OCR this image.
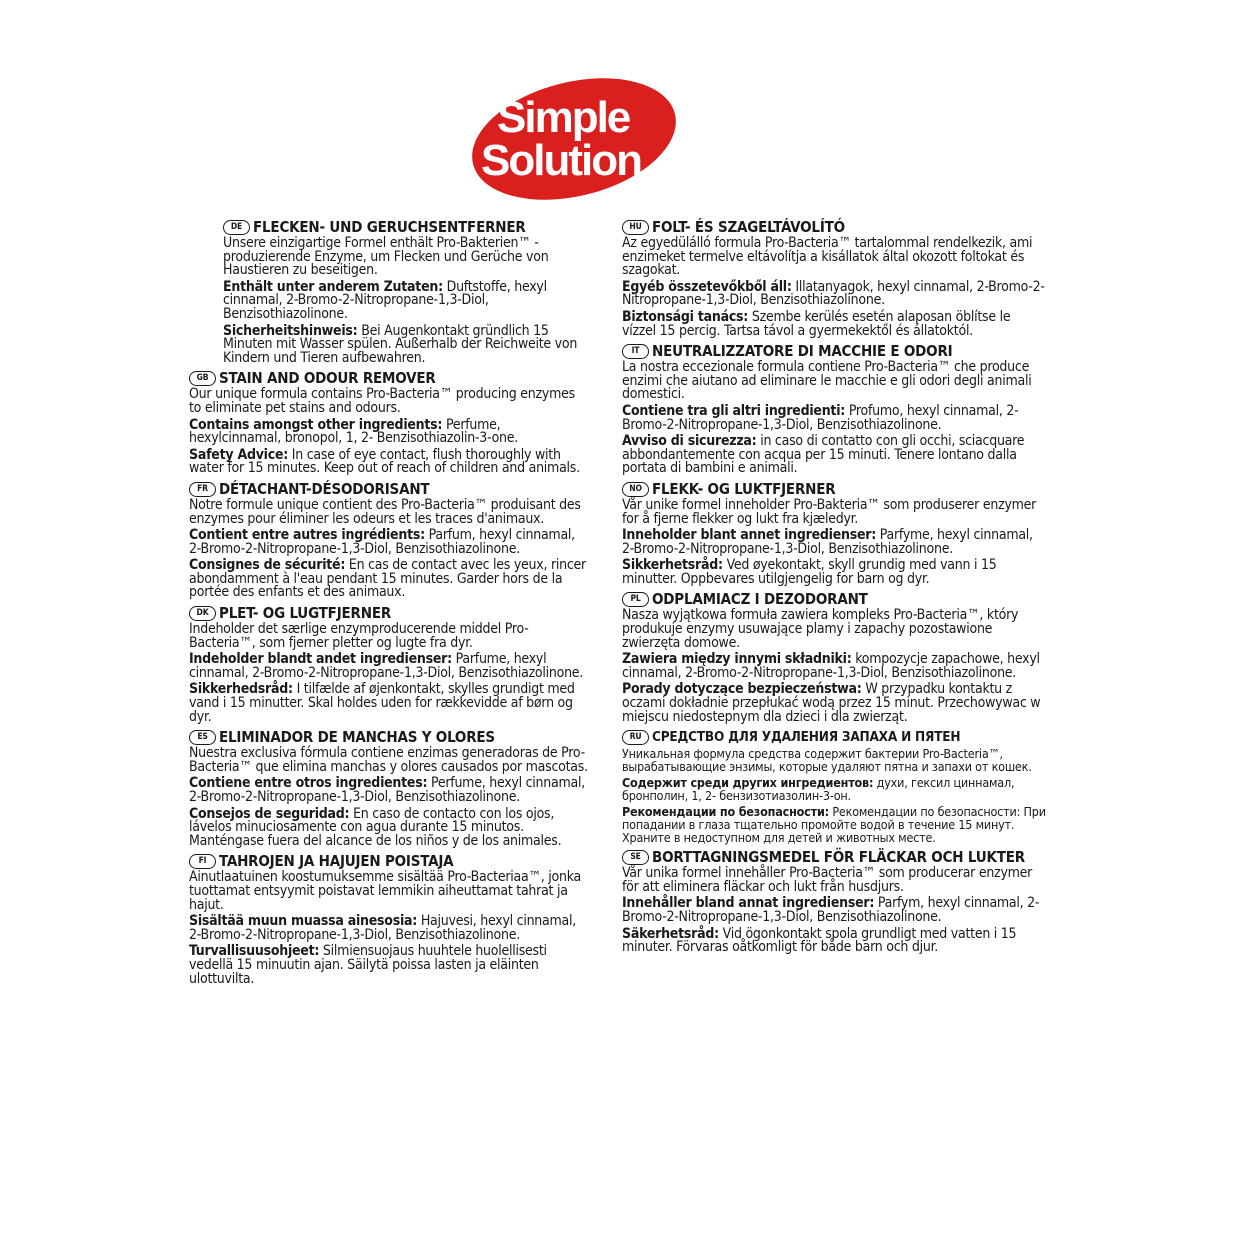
Simple
Solution
DE FLECKEN- UND GERUCHSENTFERNER

Unsere einzigartige Formel enthält Pro-Bakterien™ -produzierende Enzyme, um Flecken und Gerüche von Haustieren zu beseitigen.

Enthält unter anderem Zutaten: Duftstoffe, hexyl cinnamal, 2-Bromo-2-Nitropropane-1,3-Diol, Benzisothiazolinone.

Sicherheitshinweis: Bei Augenkontakt gründlich 15 Minuten mit Wasser spülen. Außerhalb der Reichweite von Kindern und Tieren aufbewahren.

GB STAIN AND ODOUR REMOVER

Our unique formula contains Pro-Bacteria™ producing enzymes to eliminate pet stains and odours.

Contains amongst other ingredients: Perfume, hexylcinnamal, bronopol, 1, 2- Benzisothiazolin-3-one.

Safety Advice: In case of eye contact, flush thoroughly with water for 15 minutes. Keep out of reach of children and animals.

FR DÉTACHANT-DÉSODORISANT

Notre formule unique contient des Pro-Bacteria™ produisant des enzymes pour éliminer les odeurs et les traces d'animaux.

Contient entre autres ingrédients: Parfum, hexyl cinnamal, 2-Bromo-2-Nitropropane-1,3-Diol, Benzisothiazolinone.

Consignes de sécurité: En cas de contact avec les yeux, rincer abondamment à l'eau pendant 15 minutes. Garder hors de la portée des enfants et des animaux.

DK PLET- OG LUGTFJERNER

Indeholder det særlige enzymproducerende middel Pro-Bacteria™, som fjerner pletter og lugte fra dyr.

Indeholder blandt andet ingredienser: Parfume, hexyl cinnamal, 2-Bromo-2-Nitropropane-1,3-Diol, Benzisothiazolinone.

Sikkerhedsråd: I tilfælde af øjenkontakt, skylles grundigt med vand i 15 minutter. Skal holdes uden for rækkevidde af børn og dyr.

ES ELIMINADOR DE MANCHAS Y OLORES

Nuestra exclusiva fórmula contiene enzimas generadoras de Pro-Bacteria™ que elimina manchas y olores causados por mascotas.

Contiene entre otros ingredientes: Perfume, hexyl cinnamal, 2-Bromo-2-Nitropropane-1,3-Diol, Benzisothiazolinone.

Consejos de seguridad: En caso de contacto con los ojos, lávelos minuciosamente con agua durante 15 minutos. Manténgase fuera del alcance de los niños y de los animales.

FI TAHROJEN JA HAJUJEN POISTAJA

Ainutlaatuinen koostumuksemme sisältää Pro-Bacteriaa™, jonka tuottamat entsyymit poistavat lemmikin aiheuttamat tahrat ja hajut.

Sisältää muun muassa ainesosia: Hajuvesi, hexyl cinnamal, 2-Bromo-2-Nitropropane-1,3-Diol, Benzisothiazolinone.

Turvallisuusohjeet: Silmiensuojaus huuhtele huolellisesti vedellä 15 minuutin ajan. Säilytä poissa lasten ja eläinten ulottuvilta.

HU FOLT- ÉS SZAGELTÁVOLÍTÓ

Az egyedülálló formula Pro-Bacteria™ tartalommal rendelkezik, ami enzimeket termelve eltávolítja a kisállatok által okozott foltokat és szagokat.

Egyéb összetevőkből áll: Illatanyagok, hexyl cinnamal, 2-Bromo-2-Nitropropane-1,3-Diol, Benzisothiazolinone.

Biztonsági tanács: Szembe kerülés esetén alaposan öblítse le vízzel 15 percig. Tartsa távol a gyermekektől és állatoktól.

IT NEUTRALIZZATORE DI MACCHIE E ODORI

La nostra eccezionale formula contiene Pro-Bacteria™ che produce enzimi che aiutano ad eliminare le macchie e gli odori degli animali domestici.

Contiene tra gli altri ingredienti: Profumo, hexyl cinnamal, 2-Bromo-2-Nitropropane-1,3-Diol, Benzisothiazolinone.

Avviso di sicurezza: in caso di contatto con gli occhi, sciacquare abbondantemente con acqua per 15 minuti. Tenere lontano dalla portata di bambini e animali.

NO FLEKK- OG LUKTFJERNER

Vår unike formel inneholder Pro-Bakteria™ som produserer enzymer for å fjerne flekker og lukt fra kjæledyr.

Inneholder blant annet ingredienser: Parfyme, hexyl cinnamal, 2-Bromo-2-Nitropropane-1,3-Diol, Benzisothiazolinone.

Sikkerhetsråd: Ved øyekontakt, skyll grundig med vann i 15 minutter. Oppbevares utilgjengelig for barn og dyr.

PL ODPLAMIACZ I DEZODORANT

Nasza wyjątkowa formuła zawiera kompleks Pro-Bacteria™, który produkuje enzymy usuwające plamy i zapachy pozostawione zwierzęta domowe.

Zawiera między innymi składniki: kompozycje zapachowe, hexyl cinnamal, 2-Bromo-2-Nitropropane-1,3-Diol, Benzisothiazolinone.

Porady dotyczące bezpieczeństwa: W przypadku kontaktu z oczami dokładnie przepłukać wodą przez 15 minut. Przechowywac w miejscu niedostepnym dla dzieci i dla zwierząt.

RU СРЕДСТВО ДЛЯ УДАЛЕНИЯ ЗАПАХА И ПЯТЕН

Уникальная формула средства содержит бактерии Pro-Bacteria™, вырабатывающие энзимы, которые удаляют пятна и запахи от кошек.

Содержит среди других ингредиентов: духи, гексил циннамал, бронполин, 1, 2- бензизотиазолин-3-он.

Рекомендации по безопасности: Рекомендации по безопасности: При попадании в глаза тщательно промойте водой в течение 15 минут. Храните в недоступном для детей и животных месте.

SE BORTTAGNINGSMEDEL FÖR FLÄCKAR OCH LUKTER

Vår unika formel innehåller Pro-Bacteria™ som producerar enzymer för att eliminera fläckar och lukt från husdjurs.

Innehåller bland annat ingredienser: Parfym, hexyl cinnamal, 2-Bromo-2-Nitropropane-1,3-Diol, Benzisothiazolinone.

Säkerhetsråd: Vid ögonkontakt spola grundligt med vatten i 15 minuter. Förvaras oåtkomligt för både barn och djur.
